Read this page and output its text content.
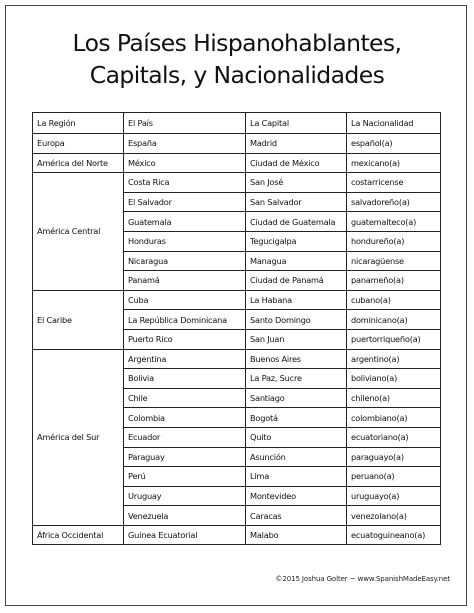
Los Países Hispanohablantes,
Capitals, y Nacionalidades
La Región	El País	La Capital	La Nacionalidad
Europa	España	Madrid	español(a)
América del Norte	México	Ciudad de México	mexicano(a)
América Central	Costa Rica	San José	costarricense
	El Salvador	San Salvador	salvadoreño(a)
	Guatemala	Ciudad de Guatemala	guatemalteco(a)
	Honduras	Tegucigalpa	hondureño(a)
	Nicaragua	Managua	nicaragüense
	Panamá	Ciudad de Panamá	panameño(a)
El Caribe	Cuba	La Habana	cubano(a)
	La República Dominicana	Santo Domingo	dominicano(a)
	Puerto Rico	San Juan	puertorriqueño(a)
América del Sur	Argentina	Buenos Aires	argentino(a)
	Bolivia	La Paz, Sucre	boliviano(a)
	Chile	Santiago	chileno(a)
	Colombia	Bogotá	colombiano(a)
	Ecuador	Quito	ecuatoriano(a)
	Paraguay	Asunción	paraguayo(a)
	Perú	Lima	peruano(a)
	Uruguay	Montevideo	uruguayo(a)
	Venezuela	Caracas	venezolano(a)
África Occidental	Guinea Ecuatorial	Malabo	ecuatoguineano(a)
©2015 Joshua Golter ~ www.SpanishMadeEasy.net
